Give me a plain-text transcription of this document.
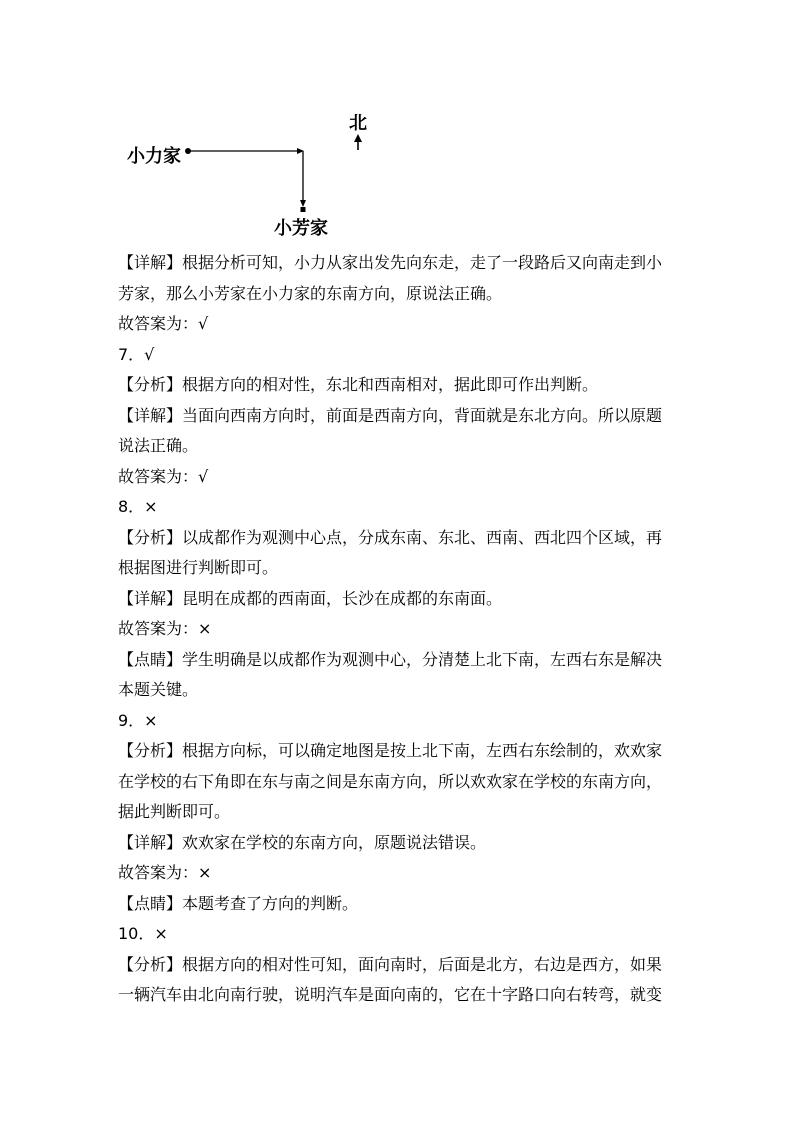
北
小力家
小芳家

【详解】根据分析可知，小力从家出发先向东走，走了一段路后又向南走到小

芳家，那么小芳家在小力家的东南方向，原说法正确。

故答案为：√

7．√

【分析】根据方向的相对性，东北和西南相对，据此即可作出判断。

【详解】当面向西南方向时，前面是西南方向，背面就是东北方向。所以原题

说法正确。

故答案为：√

8．×

【分析】以成都作为观测中心点，分成东南、东北、西南、西北四个区域，再

根据图进行判断即可。

【详解】昆明在成都的西南面，长沙在成都的东南面。

故答案为：×

【点睛】学生明确是以成都作为观测中心，分清楚上北下南，左西右东是解决

本题关键。

9．×

【分析】根据方向标，可以确定地图是按上北下南，左西右东绘制的，欢欢家

在学校的右下角即在东与南之间是东南方向，所以欢欢家在学校的东南方向，

据此判断即可。

【详解】欢欢家在学校的东南方向，原题说法错误。

故答案为：×

【点睛】本题考查了方向的判断。

10．×

【分析】根据方向的相对性可知，面向南时，后面是北方，右边是西方，如果

一辆汽车由北向南行驶，说明汽车是面向南的，它在十字路口向右转弯，就变
